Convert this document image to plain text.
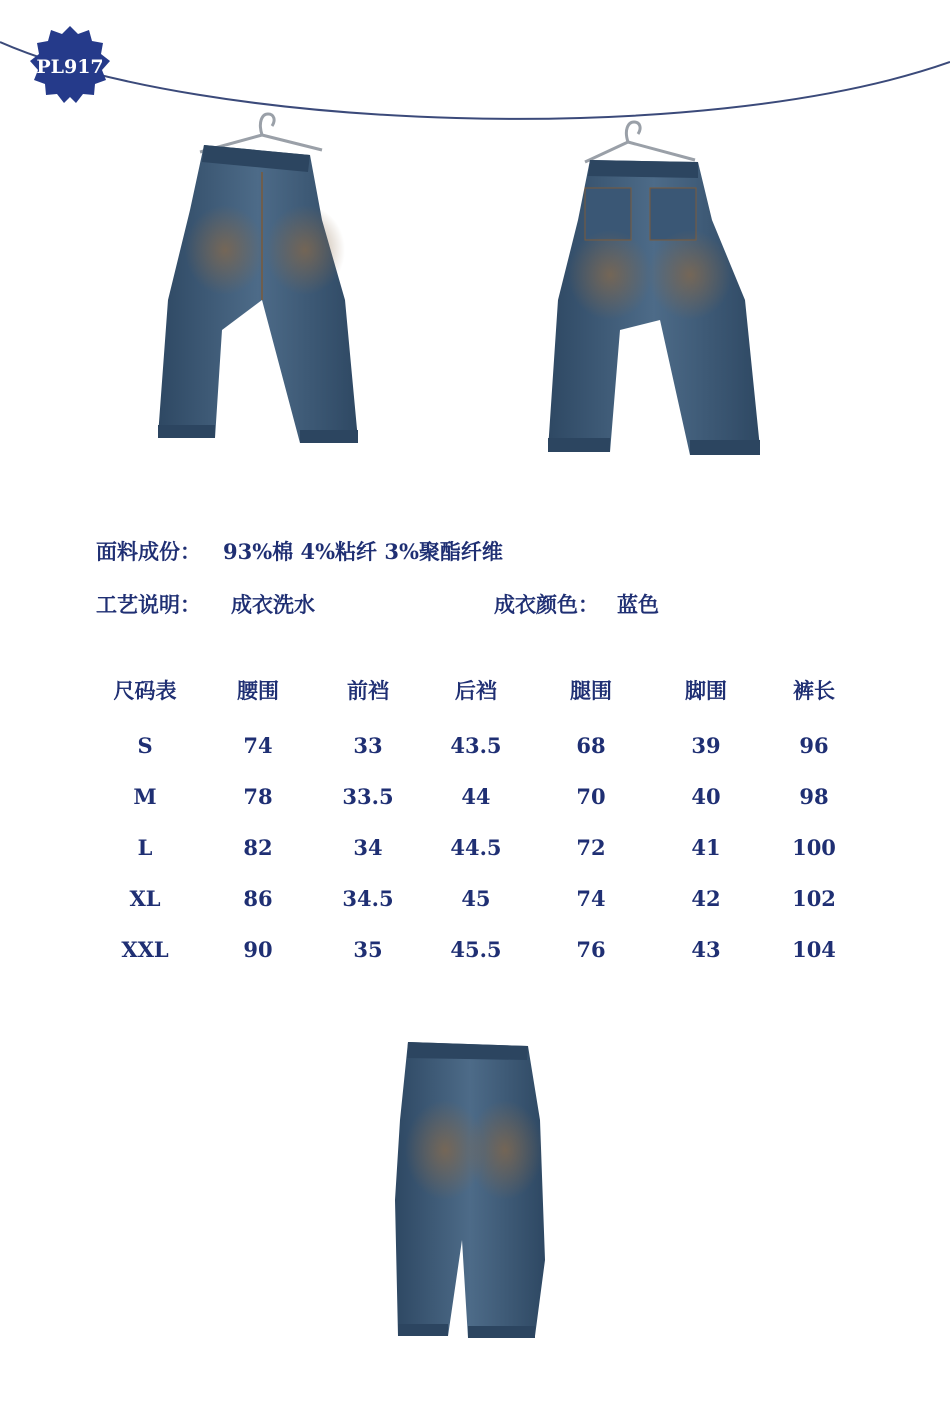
PL917
面料成份： 93%棉 4%粘纤 3%聚酯纤维
工艺说明： 成衣洗水	成衣颜色： 蓝色
尺码表	腰围	前裆	后裆	腿围	脚围	裤长
S	74	33	43.5	68	39	96
M	78	33.5	44	70	40	98
L	82	34	44.5	72	41	100
XL	86	34.5	45	74	42	102
XXL	90	35	45.5	76	43	104
